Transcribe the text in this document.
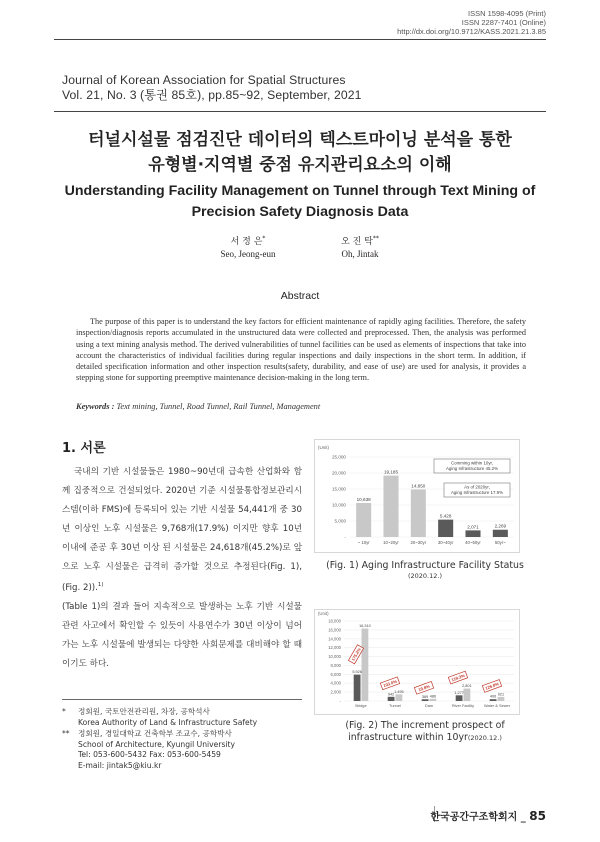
ISSN 1598-4095 (Print)
ISSN 2287-7401 (Online)
http://dx.doi.org/10.9712/KASS.2021.21.3.85
Journal of Korean Association for Spatial Structures
Vol. 21, No. 3 (통권 85호), pp.85~92, September, 2021
터널시설물 점검진단 데이터의 텍스트마이닝 분석을 통한
유형별·지역별 중점 유지관리요소의 이해
Understanding Facility Management on Tunnel through Text Mining of
Precision Safety Diagnosis Data
서 정 은*
Seo, Jeong-eun
오 진 탁**
Oh, Jintak
Abstract
The purpose of this paper is to understand the key factors for efficient maintenance of rapidly aging facilities. Therefore, the safety inspection/diagnosis reports accumulated in the unstructured data were collected and preprocessed. Then, the analysis was performed using a text mining analysis method. The derived vulnerabilities of tunnel facilities can be used as elements of inspections that take into account the characteristics of individual facilities during regular inspections and daily inspections in the short term. In addition, if detailed specification information and other inspection results(safety, durability, and ease of use) are used for analysis, it provides a stepping stone for supporting preemptive maintenance decision-making in the long term.
Keywords : Text mining, Tunnel, Road Tunnel, Rail Tunnel, Management
1. 서론

국내의 기반 시설물들은 1980~90년대 급속한 산업화와 함께 집중적으로 건설되었다. 2020년 기준 시설물통합정보관리시스템(이하 FMS)에 등록되어 있는 기반 시설물 54,441개 중 30년 이상인 노후 시설물은 9,768개(17.9%) 이지만 향후 10년 이내에 준공 후 30년 이상 된 시설물은 24,618개(45.2%)로 앞으로 노후 시설물은 급격히 증가할 것으로 추정된다(Fig. 1), (Fig. 2)).$^{1)}$

(Table 1)의 결과 들어 지속적으로 발생하는 노후 기반 시설물 관련 사고에서 확인할 수 있듯이 사용연수가 30년 이상이 넘어가는 노후 시설물에 발생되는 다양한 사회문제를 대비해야 할 때이기도 하다.

* 정회원, 국토안전관리원, 차장, 공학석사
Korea Authority of Land & Infrastructure Safety
** 정회원, 경일대학교 건축학부 조교수, 공학박사
School of Architecture, Kyungil University
Tel: 053-600-5432 Fax: 053-600-5459
E-mail: jintak5@kiu.kr
(Unit)
25,000
20,000
15,000
10,000
5,000
-
10,638
~ 10yr
19,185
10~20yr
14,850
20~30yr
5,428
30~40yr
2,071
40~50yr
2,269
50yr~
Comming within 10yr,
Aging Infrastructure 45.2%
As of 2020yr,
Aging Infrastructure 17.9%
(Fig. 1) Aging Infrastructure Facility Status
(2020.12.)
(Unit)
18,000
16,000
14,000
12,000
10,000
8,000
6,000
4,000
2,000
-
5,926
16,310
Bridge
175.2%
942
1,495
Tunnel
103.0%
389 486
Dam
19.8%
1,277
2,801
River Facility
119.3%
406
921
Water & Sewer
126.8%
(Fig. 2) The increment prospect of
infrastructure within 10yr(2020.12.)
한국공간구조학회지 _ 85
